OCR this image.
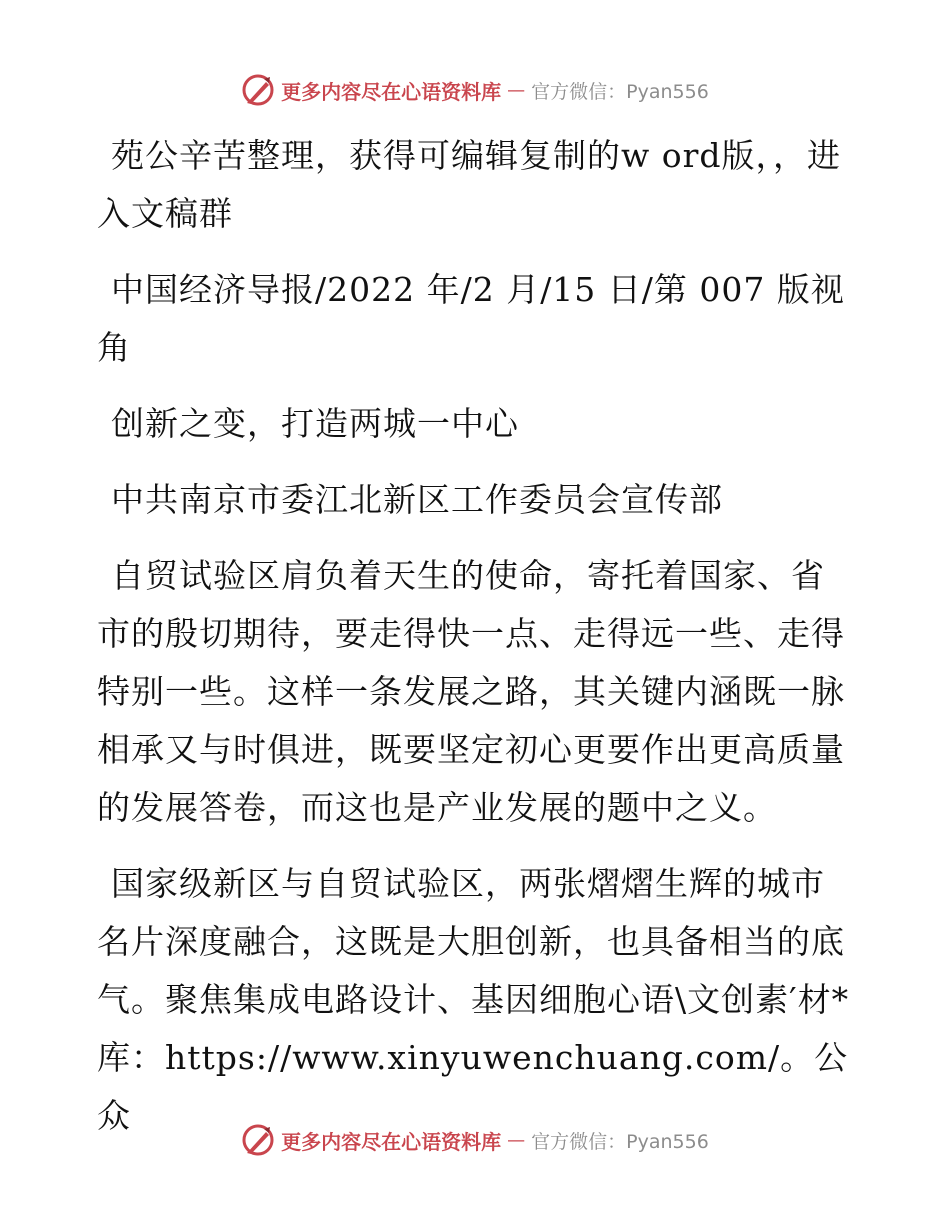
更多内容尽在心语资料库 — 官方微信：Pyan556

苑公辛苦整理，获得可编辑复制的w ord版，，进入文稿群

中国经济导报/2022 年/2 月/15 日/第 007 版视角

创新之变，打造两城一中心

中共南京市委江北新区工作委员会宣传部

自贸试验区肩负着天生的使命，寄托着国家、省市的殷切期待，要走得快一点、走得远一些、走得特别一些。这样一条发展之路，其关键内涵既一脉相承又与时俱进，既要坚定初心更要作出更高质量的发展答卷，而这也是产业发展的题中之义。

国家级新区与自贸试验区，两张熠熠生辉的城市名片深度融合，这既是大胆创新，也具备相当的底气。聚焦集成电路设计、基因细胞心语\文创素′材*库：https://www.xinyuwenchuang.com/。公众

更多内容尽在心语资料库 — 官方微信：Pyan556
